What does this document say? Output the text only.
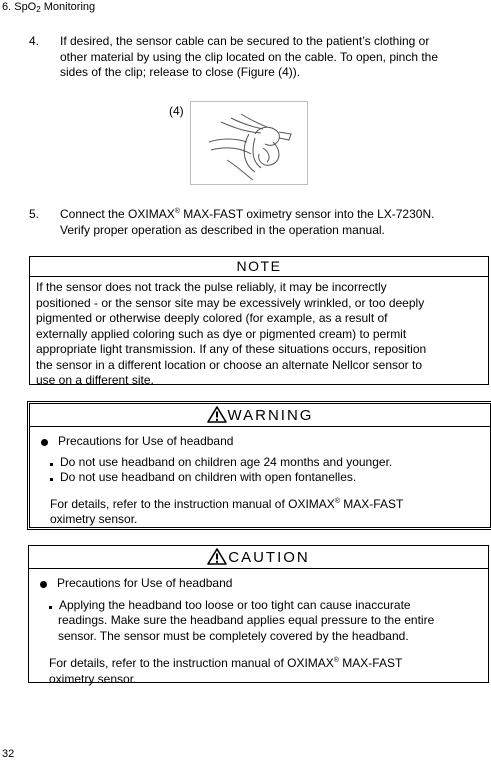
6. SpO$_2$ Monitoring
4. If desired, the sensor cable can be secured to the patient’s clothing or
other material by using the clip located on the cable. To open, pinch the
sides of the clip; release to close (Figure (4)).
(4)
5. Connect the OXIMAX® MAX-FAST oximetry sensor into the LX-7230N.
Verify proper operation as described in the operation manual.
NOTE
If the sensor does not track the pulse reliably, it may be incorrectly
positioned - or the sensor site may be excessively wrinkled, or too deeply
pigmented or otherwise deeply colored (for example, as a result of
externally applied coloring such as dye or pigmented cream) to permit
appropriate light transmission. If any of these situations occurs, reposition
the sensor in a different location or choose an alternate Nellcor sensor to
use on a different site.
WARNING
Precautions for Use of headband
Do not use headband on children age 24 months and younger.
Do not use headband on children with open fontanelles.
For details, refer to the instruction manual of OXIMAX® MAX-FAST
oximetry sensor.
CAUTION
Precautions for Use of headband
Applying the headband too loose or too tight can cause inaccurate
readings. Make sure the headband applies equal pressure to the entire
sensor. The sensor must be completely covered by the headband.
For details, refer to the instruction manual of OXIMAX® MAX-FAST
oximetry sensor.
32
